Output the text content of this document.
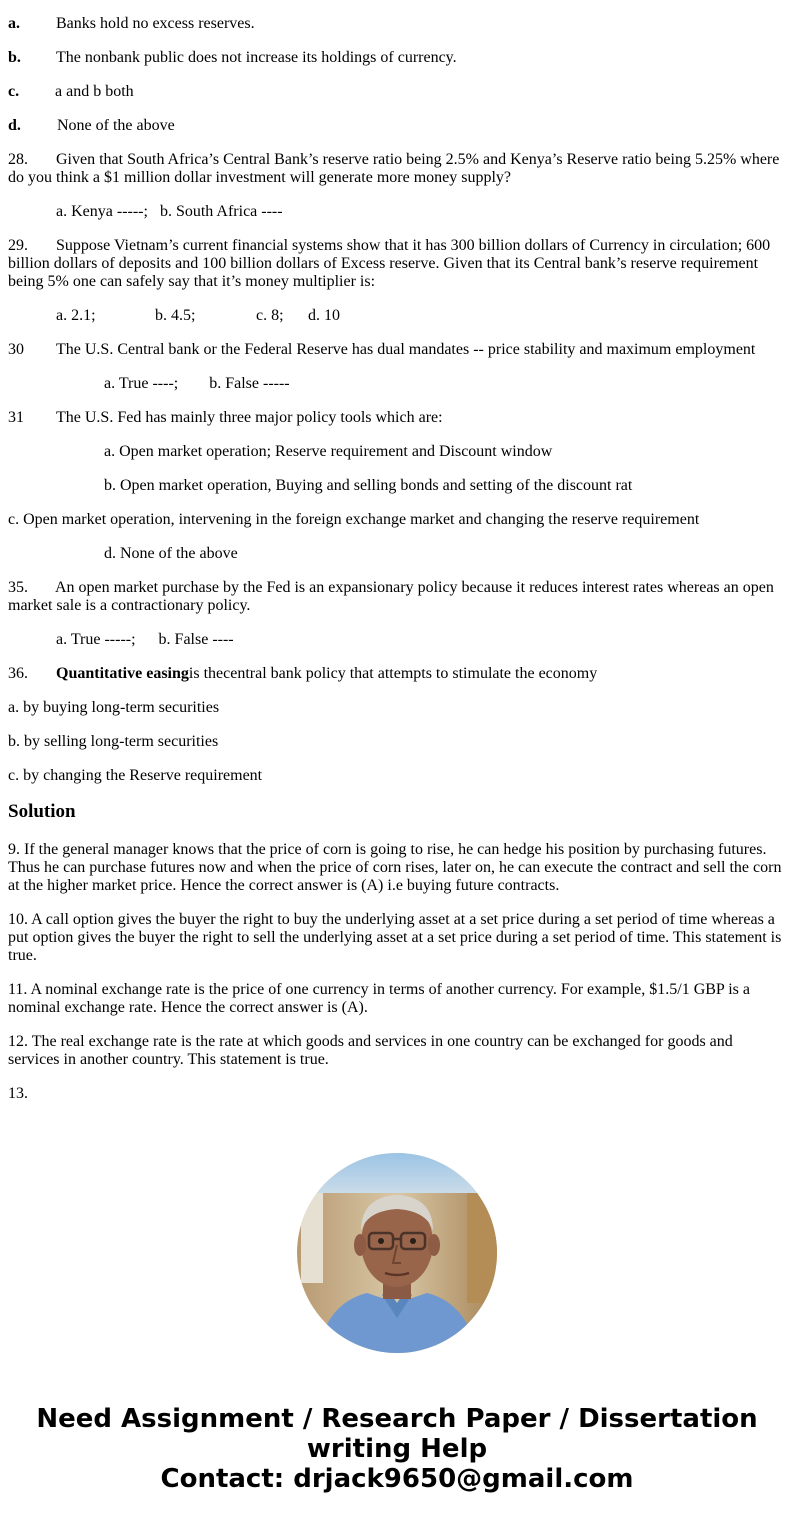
a. Banks hold no excess reserves.

b. The nonbank public does not increase its holdings of currency.

c. a and b both

d. None of the above

28. Given that South Africa’s Central Bank’s reserve ratio being 2.5% and Kenya’s Reserve ratio being 5.25% where do you think a $1 million dollar investment will generate more money supply?

a. Kenya -----; b. South Africa ----

29. Suppose Vietnam’s current financial systems show that it has 300 billion dollars of Currency in circulation; 600 billion dollars of deposits and 100 billion dollars of Excess reserve. Given that its Central bank’s reserve requirement being 5% one can safely say that it’s money multiplier is:

a. 2.1;	b. 4.5;	c. 8; d. 10

30 The U.S. Central bank or the Federal Reserve has dual mandates -- price stability and maximum employment

a. True ----; b. False -----

31 The U.S. Fed has mainly three major policy tools which are:

a. Open market operation; Reserve requirement and Discount window

b. Open market operation, Buying and selling bonds and setting of the discount rat

c. Open market operation, intervening in the foreign exchange market and changing the reserve requirement

d. None of the above

35. An open market purchase by the Fed is an expansionary policy because it reduces interest rates whereas an open market sale is a contractionary policy.

a. True -----; b. False ----

36. Quantitative easingis thecentral bank policy that attempts to stimulate the economy

a. by buying long-term securities

b. by selling long-term securities

c. by changing the Reserve requirement

Solution

9. If the general manager knows that the price of corn is going to rise, he can hedge his position by purchasing futures. Thus he can purchase futures now and when the price of corn rises, later on, he can execute the contract and sell the corn at the higher market price. Hence the correct answer is (A) i.e buying future contracts.

10. A call option gives the buyer the right to buy the underlying asset at a set price during a set period of time whereas a put option gives the buyer the right to sell the underlying asset at a set price during a set period of time. This statement is true.

11. A nominal exchange rate is the price of one currency in terms of another currency. For example, $1.5/1 GBP is a nominal exchange rate. Hence the correct answer is (A).

12. The real exchange rate is the rate at which goods and services in one country can be exchanged for goods and services in another country. This statement is true.

13.

Need Assignment / Research Paper / Dissertation
writing Help
Contact: drjack9650@gmail.com
